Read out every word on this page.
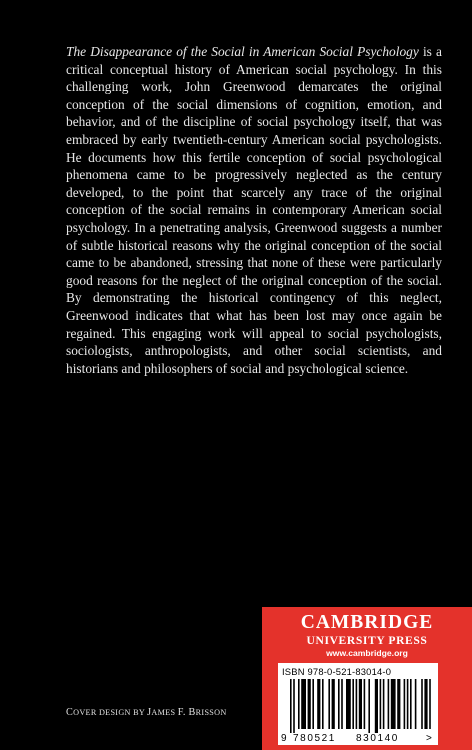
The Disappearance of the Social in American Social Psychology is a critical conceptual history of American social psychology. In this challenging work, John Greenwood demarcates the original conception of the social dimensions of cognition, emotion, and behavior, and of the discipline of social psychology itself, that was embraced by early twentieth-century American social psychologists. He documents how this fertile conception of social psychological phenomena came to be progressively neglected as the century developed, to the point that scarcely any trace of the original conception of the social remains in contemporary American social psychology. In a penetrating analysis, Greenwood suggests a number of subtle historical reasons why the original conception of the social came to be abandoned, stressing that none of these were particularly good reasons for the neglect of the original conception of the social. By demonstrating the historical contingency of this neglect, Greenwood indicates that what has been lost may once again be regained. This engaging work will appeal to social psychologists, sociologists, anthropologists, and other social scientists, and historians and philosophers of social and psychological science.
COVER DESIGN BY JAMES F. BRISSON
CAMBRIDGE
UNIVERSITY PRESS
www.cambridge.org
ISBN 978-0-521-83014-0
9 780521 830140	>
